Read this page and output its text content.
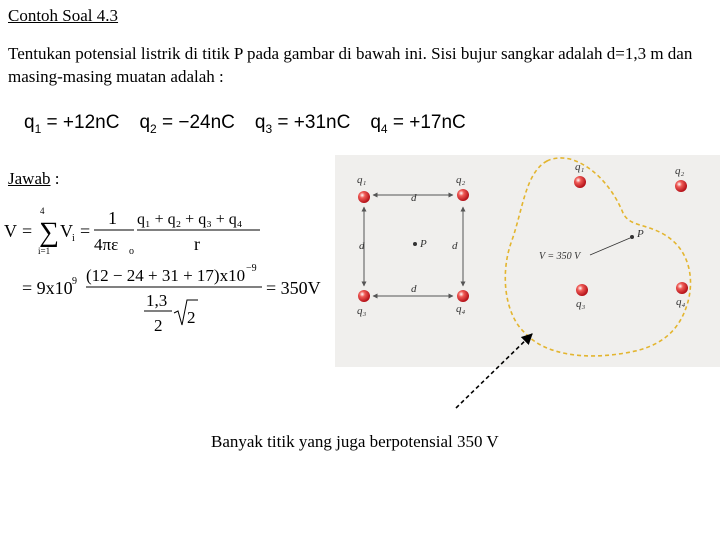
Contoh Soal 4.3
Tentukan potensial listrik di titik P pada gambar di bawah ini. Sisi bujur sangkar adalah d=1,3 m dan masing-masing muatan adalah :
$q_1 = +12nC$ $q_2 = -24nC$ $q_3 = +31nC$ $q_4 = +17nC$
Jawab :
V =
4
∑
i=1
V i =
1
4πε o
q₁ + q₂ + q₃ + q₄
r
= 9x10 9 (12 − 24 + 31 + 17)x10 −9
1,3
2 2
= 350V
q₁	q₂
q₃	q₄
d
d
d	d
P
q₁	q₂
q₃	q₄
P
V = 350 V
Banyak titik yang juga berpotensial 350 V
